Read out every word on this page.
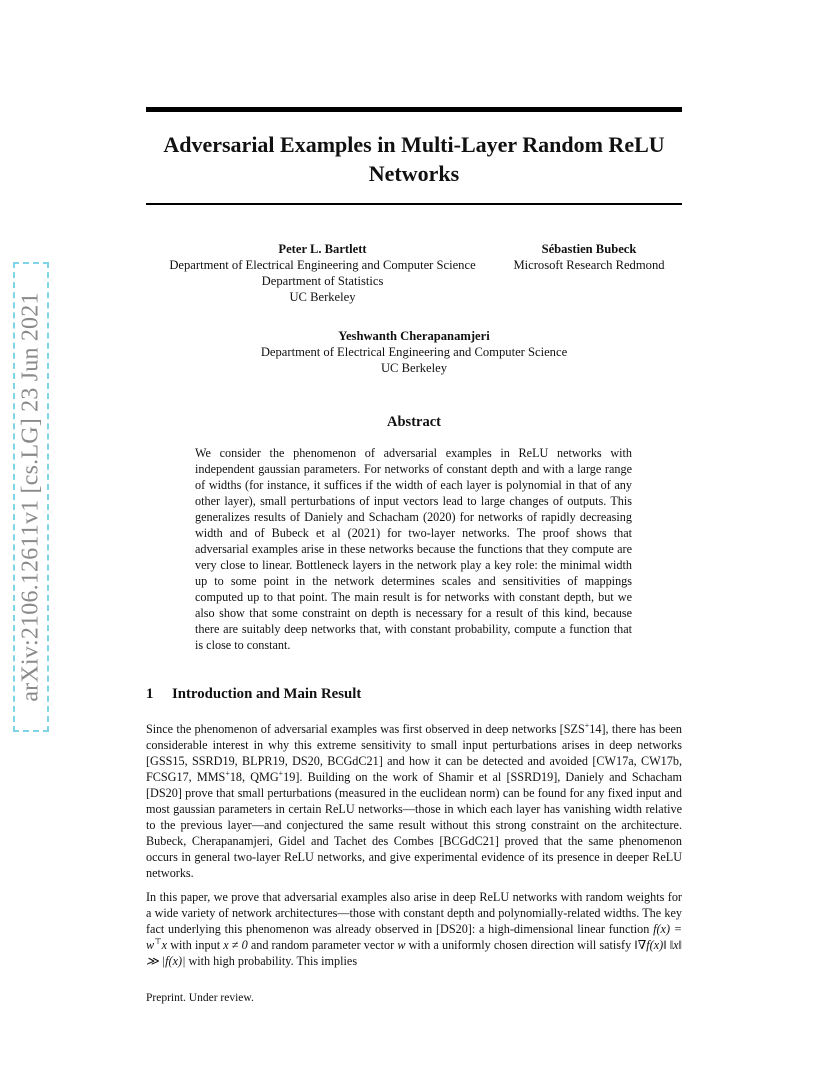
arXiv:2106.12611v1 [cs.LG] 23 Jun 2021
Adversarial Examples in Multi-Layer Random ReLU Networks
Peter L. Bartlett
Department of Electrical Engineering and Computer Science
Department of Statistics
UC Berkeley
Sébastien Bubeck
Microsoft Research Redmond
Yeshwanth Cherapanamjeri
Department of Electrical Engineering and Computer Science
UC Berkeley
Abstract
We consider the phenomenon of adversarial examples in ReLU networks with independent gaussian parameters. For networks of constant depth and with a large range of widths (for instance, it suffices if the width of each layer is polynomial in that of any other layer), small perturbations of input vectors lead to large changes of outputs. This generalizes results of Daniely and Schacham (2020) for networks of rapidly decreasing width and of Bubeck et al (2021) for two-layer networks. The proof shows that adversarial examples arise in these networks because the functions that they compute are very close to linear. Bottleneck layers in the network play a key role: the minimal width up to some point in the network determines scales and sensitivities of mappings computed up to that point. The main result is for networks with constant depth, but we also show that some constraint on depth is necessary for a result of this kind, because there are suitably deep networks that, with constant probability, compute a function that is close to constant.
1 Introduction and Main Result
Since the phenomenon of adversarial examples was first observed in deep networks [SZS+14], there has been considerable interest in why this extreme sensitivity to small input perturbations arises in deep networks [GSS15, SSRD19, BLPR19, DS20, BCGdC21] and how it can be detected and avoided [CW17a, CW17b, FCSG17, MMS+18, QMG+19]. Building on the work of Shamir et al [SSRD19], Daniely and Schacham [DS20] prove that small perturbations (measured in the euclidean norm) can be found for any fixed input and most gaussian parameters in certain ReLU networks—those in which each layer has vanishing width relative to the previous layer—and conjectured the same result without this strong constraint on the architecture. Bubeck, Cherapanamjeri, Gidel and Tachet des Combes [BCGdC21] proved that the same phenomenon occurs in general two-layer ReLU networks, and give experimental evidence of its presence in deeper ReLU networks.
In this paper, we prove that adversarial examples also arise in deep ReLU networks with random weights for a wide variety of network architectures—those with constant depth and polynomially-related widths. The key fact underlying this phenomenon was already observed in [DS20]: a high-dimensional linear function f(x) = w⊤x with input x ≠ 0 and random parameter vector w with a uniformly chosen direction will satisfy ‖∇f(x)‖ ‖x‖ ≫ |f(x)| with high probability. This implies
Preprint. Under review.
